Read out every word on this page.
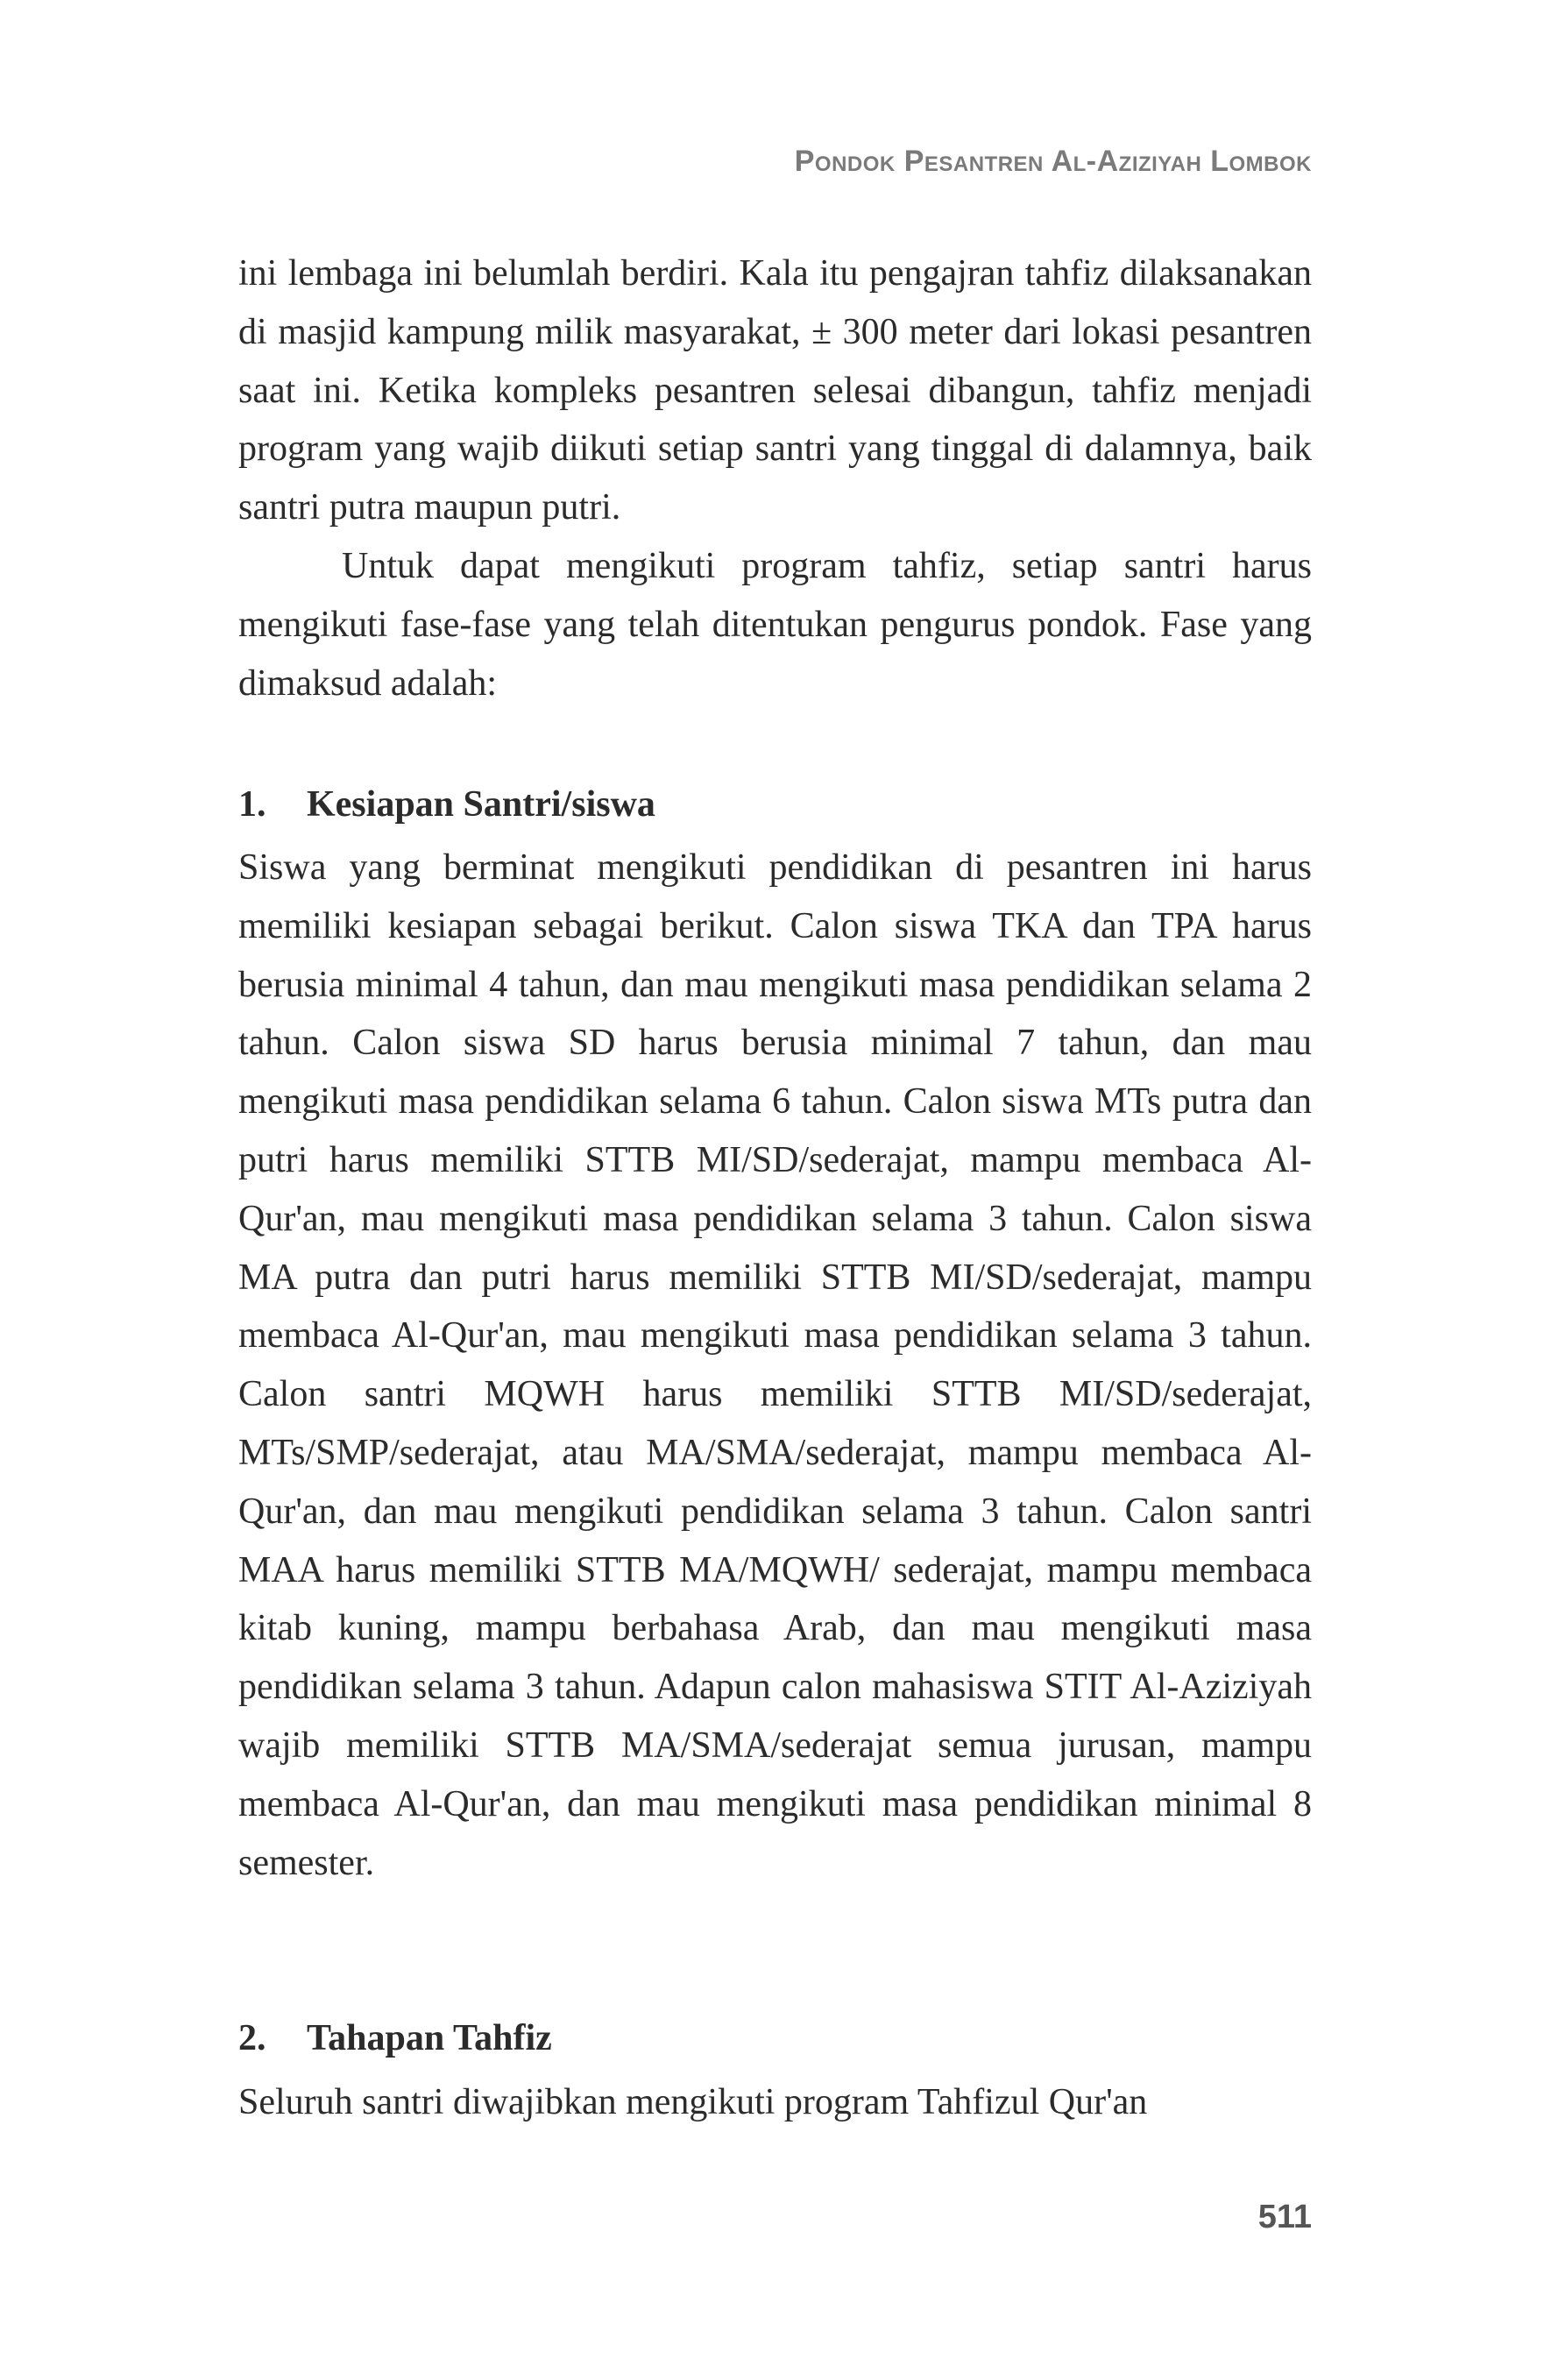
Pondok Pesantren Al-Aziziyah Lombok

ini lembaga ini belumlah berdiri. Kala itu pengajran tahfiz dilaksanakan di masjid kampung milik masyarakat, ± 300 meter dari lokasi pesantren saat ini. Ketika kompleks pesantren selesai dibangun, tahfiz menjadi program yang wajib diikuti setiap santri yang tinggal di dalamnya, baik santri putra maupun putri.

Untuk dapat mengikuti program tahfiz, setiap santri harus mengikuti fase-fase yang telah ditentukan pengurus pondok. Fase yang dimaksud adalah:

1. Kesiapan Santri/siswa

Siswa yang berminat mengikuti pendidikan di pesantren ini harus memiliki kesiapan sebagai berikut. Calon siswa TKA dan TPA harus berusia minimal 4 tahun, dan mau mengikuti masa pendidikan selama 2 tahun. Calon siswa SD harus berusia minimal 7 tahun, dan mau mengikuti masa pendidikan selama 6 tahun. Calon siswa MTs putra dan putri harus memiliki STTB MI/SD/sederajat, mampu membaca Al-Qur'an, mau mengikuti masa pendidikan selama 3 tahun. Calon siswa MA putra dan putri harus memiliki STTB MI/SD/sederajat, mampu membaca Al-Qur'an, mau mengikuti masa pendidikan selama 3 tahun. Calon santri MQWH harus memiliki STTB MI/SD/sederajat, MTs/SMP/sederajat, atau MA/SMA/sederajat, mampu membaca Al-Qur'an, dan mau mengikuti pendidikan selama 3 tahun. Calon santri MAA harus memiliki STTB MA/MQWH/ sederajat, mampu membaca kitab kuning, mampu berbahasa Arab, dan mau mengikuti masa pendidikan selama 3 tahun. Adapun calon mahasiswa STIT Al-Aziziyah wajib memiliki STTB MA/SMA/sederajat semua jurusan, mampu membaca Al-Qur'an, dan mau mengikuti masa pendidikan minimal 8 semester.

2. Tahapan Tahfiz

Seluruh santri diwajibkan mengikuti program Tahfizul Qur'an

511
